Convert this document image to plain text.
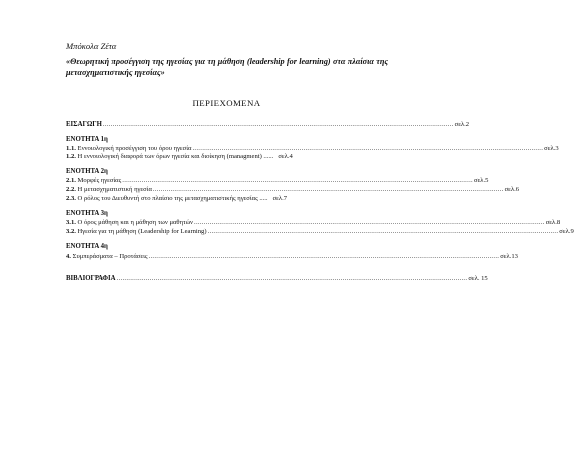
Μπόκολα Ζέτα
«Θεωρητική προσέγγιση της ηγεσίας για τη μάθηση (leadership for learning) στα πλαίσια της μετασχηματιστικής ηγεσίας»
ΠΕΡΙΕΧΟΜΕΝΑ
ΕΙΣΑΓΩΓΗ .................................................................................................................................................................................... σελ.2
ΕΝΟΤΗΤΑ 1η
1.1. Εννοιολογική προσέγγιση του όρου ηγεσία .................................................................................................................................................................................... σελ.3
1.2. Η εννοιολογική διαφορά των όρων ηγεσία και διοίκηση (managment) ...... σελ.4
ΕΝΟΤΗΤΑ 2η
2.1. Μορφές ηγεσίας .................................................................................................................................................................................... σελ.5
2.2. Η μετασχηματιστική ηγεσία .................................................................................................................................................................................... σελ.6
2.3. Ο ρόλος του Διευθυντή στο πλαίσιο της μετασχηματιστικής ηγεσίας ..... σελ.7
ΕΝΟΤΗΤΑ 3η
3.1. Ο όρος μάθηση και η μάθηση των μαθητών .................................................................................................................................................................................... σελ.8
3.2. Ηγεσία για τη μάθηση (Leadership for Learning) .................................................................................................................................................................................... σελ.9
ΕΝΟΤΗΤΑ 4η
4. Συμπεράσματα – Προτάσεις .................................................................................................................................................................................... σελ.13
ΒΙΒΛΙΟΓΡΑΦΙΑ .................................................................................................................................................................................... σελ. 15
